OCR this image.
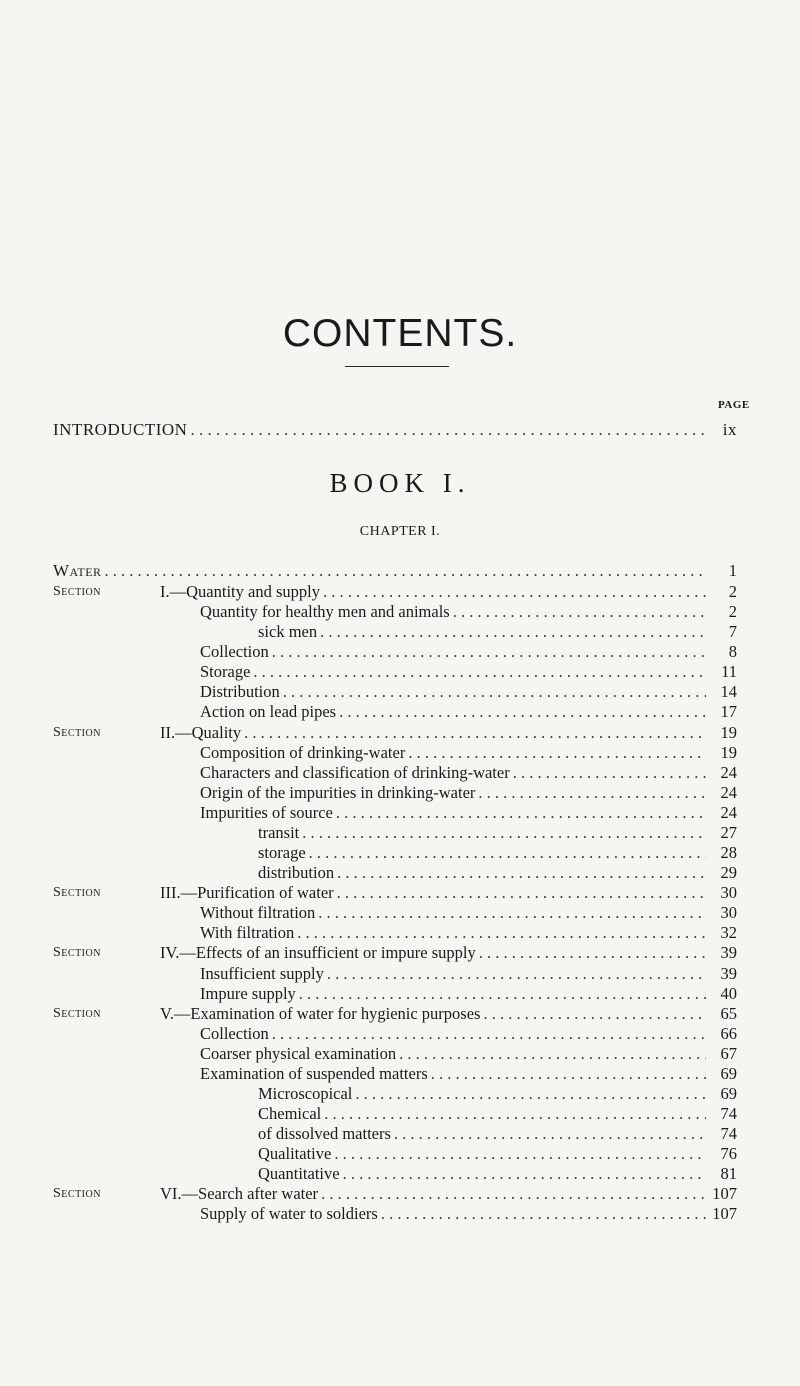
CONTENTS.
PAGE
INTRODUCTION . . .	ix
BOOK I.
CHAPTER I.
Water . . .	1
Section	I.— Quantity and supply . . .	2
Quantity for healthy men and animals . . .	2
sick men . . .	7
Collection . . .	8
Storage . . .	11
Distribution . . .	14
Action on lead pipes . . .	17
Section	II.— Quality . . .	19
Composition of drinking-water . . .	19
Characters and classification of drinking-water . . .	24
Origin of the impurities in drinking-water . . .	24
Impurities of source . . .	24
transit . . .	27
storage . . .	28
distribution . . .	29
Section	III.— Purification of water . . .	30
Without filtration . . .	30
With filtration . . .	32
Section	IV.— Effects of an insufficient or impure supply . . .	39
Insufficient supply . . .	39
Impure supply . . .	40
Section	V.— Examination of water for hygienic purposes . . .	65
Collection . . .	66
Coarser physical examination . . .	67
Examination of suspended matters . . .	69
Microscopical . . .	69
Chemical . . .	74
of dissolved matters . . .	74
Qualitative . . .	76
Quantitative . . .	81
Section	VI.— Search after water . . .	107
Supply of water to soldiers . . .	107
